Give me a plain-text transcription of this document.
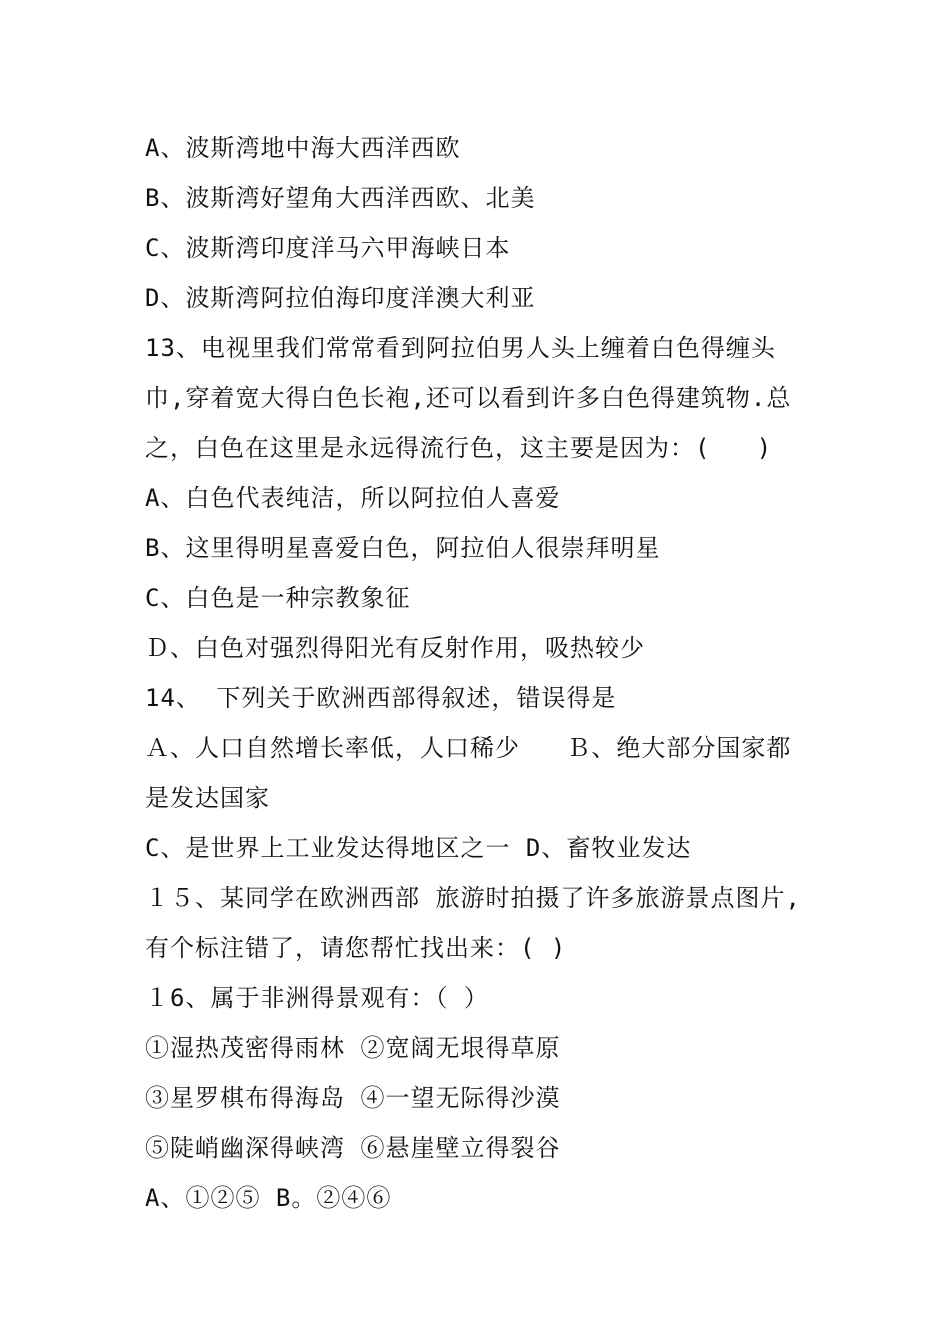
A、波斯湾地中海大西洋西欧
B、波斯湾好望角大西洋西欧、北美
C、波斯湾印度洋马六甲海峡日本
D、波斯湾阿拉伯海印度洋澳大利亚
13、电视里我们常常看到阿拉伯男人头上缠着白色得缠头
巾,穿着宽大得白色长袍,还可以看到许多白色得建筑物.总
之，白色在这里是永远得流行色，这主要是因为：(   )
A、白色代表纯洁，所以阿拉伯人喜爱
B、这里得明星喜爱白色，阿拉伯人很崇拜明星
C、白色是一种宗教象征
Ｄ、白色对强烈得阳光有反射作用，吸热较少
14、 下列关于欧洲西部得叙述，错误得是
Ａ、人口自然增长率低，人口稀少   Ｂ、绝大部分国家都
是发达国家
C、是世界上工业发达得地区之一 D、畜牧业发达
１５、某同学在欧洲西部 旅游时拍摄了许多旅游景点图片,
有个标注错了，请您帮忙找出来：( )
１6、属于非洲得景观有：（ ）
①湿热茂密得雨林 ②宽阔无垠得草原
③星罗棋布得海岛 ④一望无际得沙漠
⑤陡峭幽深得峡湾 ⑥悬崖壁立得裂谷
A、①②⑤ B。②④⑥
